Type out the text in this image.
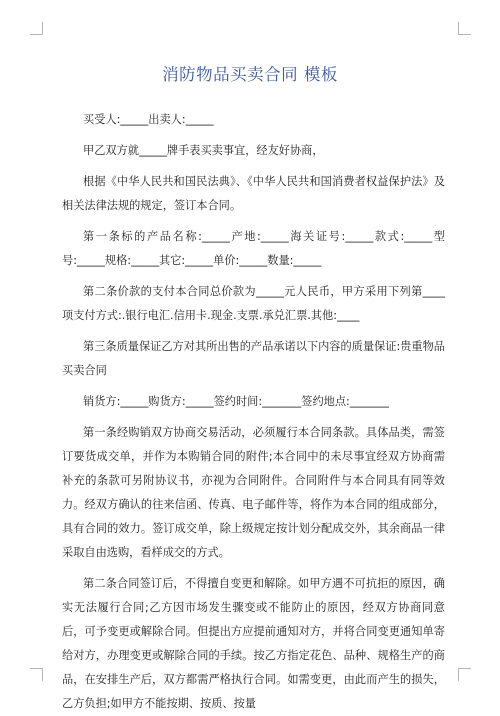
消防物品买卖合同 模板

买受人:_____出卖人:_____

甲乙双方就_____牌手表买卖事宜，经友好协商，

根据《中华人民共和国民法典》、《中华人民共和国消费者权益保护法》及相关法律法规的规定，签订本合同。

第一条标的产品名称:_____产地:_____海关证号:_____款式:_____型号:_____规格:_____其它:_____单价:_____数量:_____

第二条价款的支付本合同总价款为_____元人民币，甲方采用下列第____项支付方式:.银行电汇.信用卡.现金.支票.承兑汇票.其他:____

第三条质量保证乙方对其所出售的产品承诺以下内容的质量保证:贵重物品买卖合同

销货方:_____购货方:_____签约时间:_______签约地点:_______

第一条经购销双方协商交易活动，必须履行本合同条款。具体品类，需签订要货成交单，并作为本购销合同的附件;本合同中的未尽事宜经双方协商需补充的条款可另附协议书，亦视为合同附件。合同附件与本合同具有同等效力。经双方确认的往来信函、传真、电子邮件等，将作为本合同的组成部分，具有合同的效力。签订成交单，除上级规定按计划分配成交外，其余商品一律采取自由选购，看样成交的方式。

第二条合同签订后，不得擅自变更和解除。如甲方遇不可抗拒的原因，确实无法履行合同;乙方因市场发生骤变或不能防止的原因，经双方协商同意后，可予变更或解除合同。但提出方应提前通知对方，并将合同变更通知单寄给对方，办理变更或解除合同的手续。按乙方指定花色、品种、规格生产的商品，在安排生产后，双方都需严格执行合同。如需变更，由此而产生的损失，乙方负担;如甲方不能按期、按质、按量
